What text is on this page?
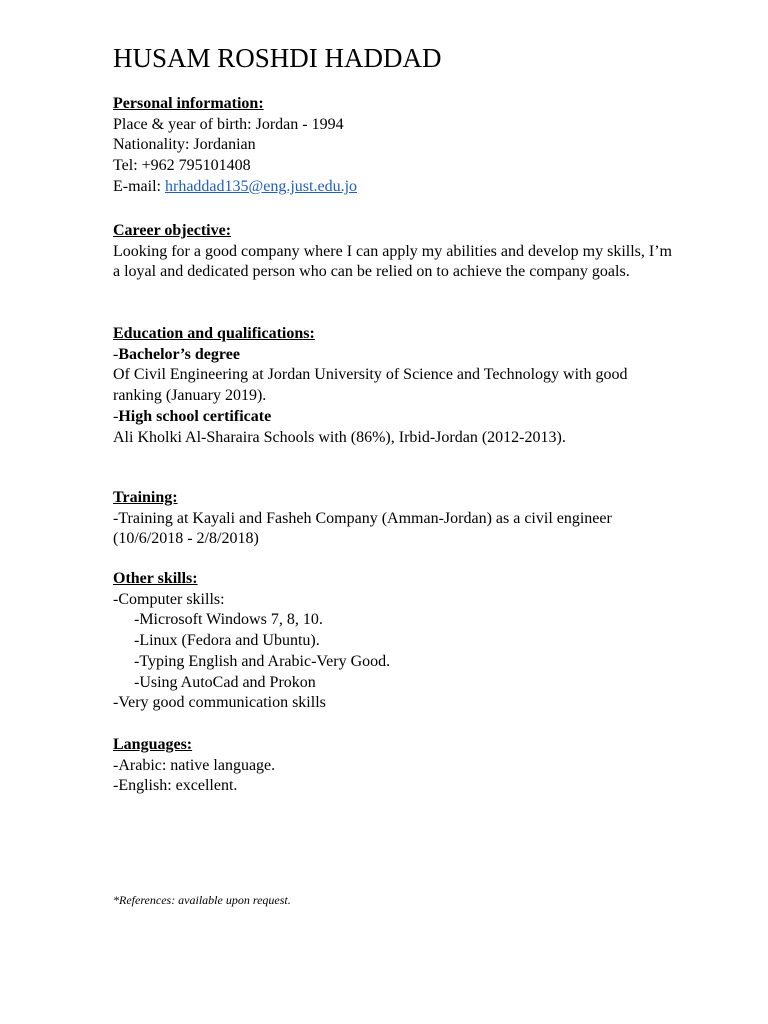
HUSAM ROSHDI HADDAD
Personal information:
Place & year of birth: Jordan - 1994
Nationality: Jordanian
Tel: +962 795101408
E-mail: hrhaddad135@eng.just.edu.jo
Career objective:
Looking for a good company where I can apply my abilities and develop my skills, I’m a loyal and dedicated person who can be relied on to achieve the company goals.
Education and qualifications:
-Bachelor’s degree
Of Civil Engineering at Jordan University of Science and Technology with good ranking (January 2019).
-High school certificate
Ali Kholki Al-Sharaira Schools with (86%), Irbid-Jordan (2012-2013).
Training:
-Training at Kayali and Fasheh Company (Amman-Jordan) as a civil engineer (10/6/2018 - 2/8/2018)
Other skills:
-Computer skills:
-Microsoft Windows 7, 8, 10.
-Linux (Fedora and Ubuntu).
-Typing English and Arabic-Very Good.
-Using AutoCad and Prokon
-Very good communication skills
Languages:
-Arabic: native language.
-English: excellent.
*References: available upon request.
